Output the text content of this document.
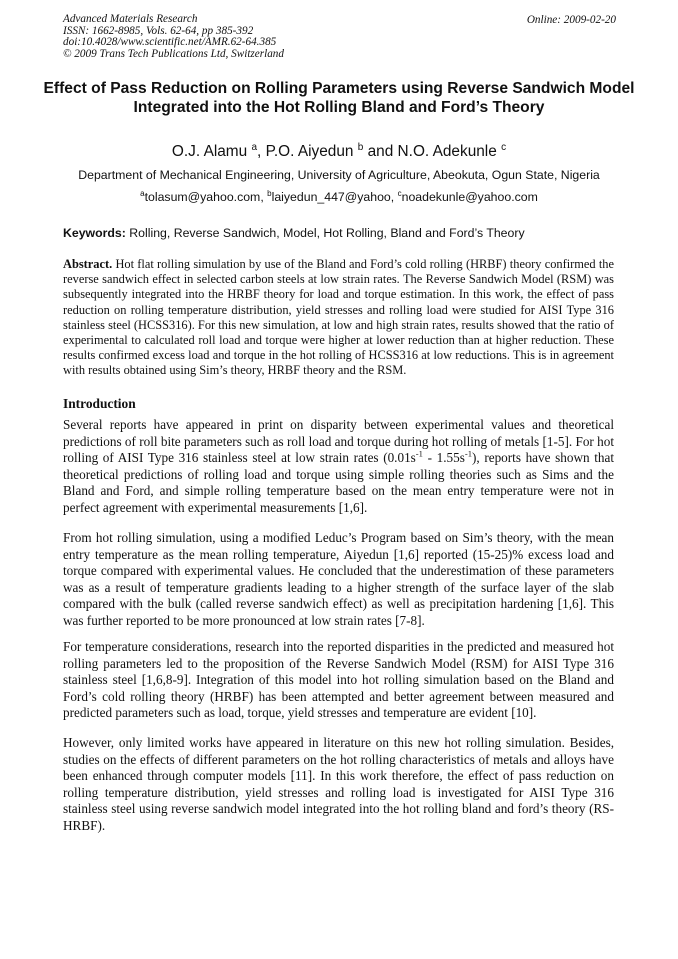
Advanced Materials Research
ISSN: 1662-8985, Vols. 62-64, pp 385-392
doi:10.4028/www.scientific.net/AMR.62-64.385
© 2009 Trans Tech Publications Ltd, Switzerland
Online: 2009-02-20
Effect of Pass Reduction on Rolling Parameters using Reverse Sandwich Model Integrated into the Hot Rolling Bland and Ford’s Theory
O.J. Alamu $^a$, P.O. Aiyedun $^b$ and N.O. Adekunle $^c$
Department of Mechanical Engineering, University of Agriculture, Abeokuta, Ogun State, Nigeria
$^a$tolasum@yahoo.com, $^b$laiyedun_447@yahoo, $^c$noadekunle@yahoo.com
Keywords: Rolling, Reverse Sandwich, Model, Hot Rolling, Bland and Ford’s Theory
Abstract. Hot flat rolling simulation by use of the Bland and Ford’s cold rolling (HRBF) theory confirmed the reverse sandwich effect in selected carbon steels at low strain rates. The Reverse Sandwich Model (RSM) was subsequently integrated into the HRBF theory for load and torque estimation. In this work, the effect of pass reduction on rolling temperature distribution, yield stresses and rolling load were studied for AISI Type 316 stainless steel (HCSS316). For this new simulation, at low and high strain rates, results showed that the ratio of experimental to calculated roll load and torque were higher at lower reduction than at higher reduction. These results confirmed excess load and torque in the hot rolling of HCSS316 at low reductions. This is in agreement with results obtained using Sim’s theory, HRBF theory and the RSM.
Introduction
Several reports have appeared in print on disparity between experimental values and theoretical predictions of roll bite parameters such as roll load and torque during hot rolling of metals [1-5]. For hot rolling of AISI Type 316 stainless steel at low strain rates $(0.01s^{-1} - 1.55s^{-1})$, reports have shown that theoretical predictions of rolling load and torque using simple rolling theories such as Sims and the Bland and Ford, and simple rolling temperature based on the mean entry temperature were not in perfect agreement with experimental measurements [1,6].
From hot rolling simulation, using a modified Leduc’s Program based on Sim’s theory, with the mean entry temperature as the mean rolling temperature, Aiyedun [1,6] reported (15-25)% excess load and torque compared with experimental values. He concluded that the underestimation of these parameters was as a result of temperature gradients leading to a higher strength of the surface layer of the slab compared with the bulk (called reverse sandwich effect) as well as precipitation hardening [1,6]. This was further reported to be more pronounced at low strain rates [7-8].
For temperature considerations, research into the reported disparities in the predicted and measured hot rolling parameters led to the proposition of the Reverse Sandwich Model (RSM) for AISI Type 316 stainless steel [1,6,8-9]. Integration of this model into hot rolling simulation based on the Bland and Ford’s cold rolling theory (HRBF) has been attempted and better agreement between measured and predicted parameters such as load, torque, yield stresses and temperature are evident [10].
However, only limited works have appeared in literature on this new hot rolling simulation. Besides, studies on the effects of different parameters on the hot rolling characteristics of metals and alloys have been enhanced through computer models [11]. In this work therefore, the effect of pass reduction on rolling temperature distribution, yield stresses and rolling load is investigated for AISI Type 316 stainless steel using reverse sandwich model integrated into the hot rolling bland and ford’s theory (RS-HRBF).
